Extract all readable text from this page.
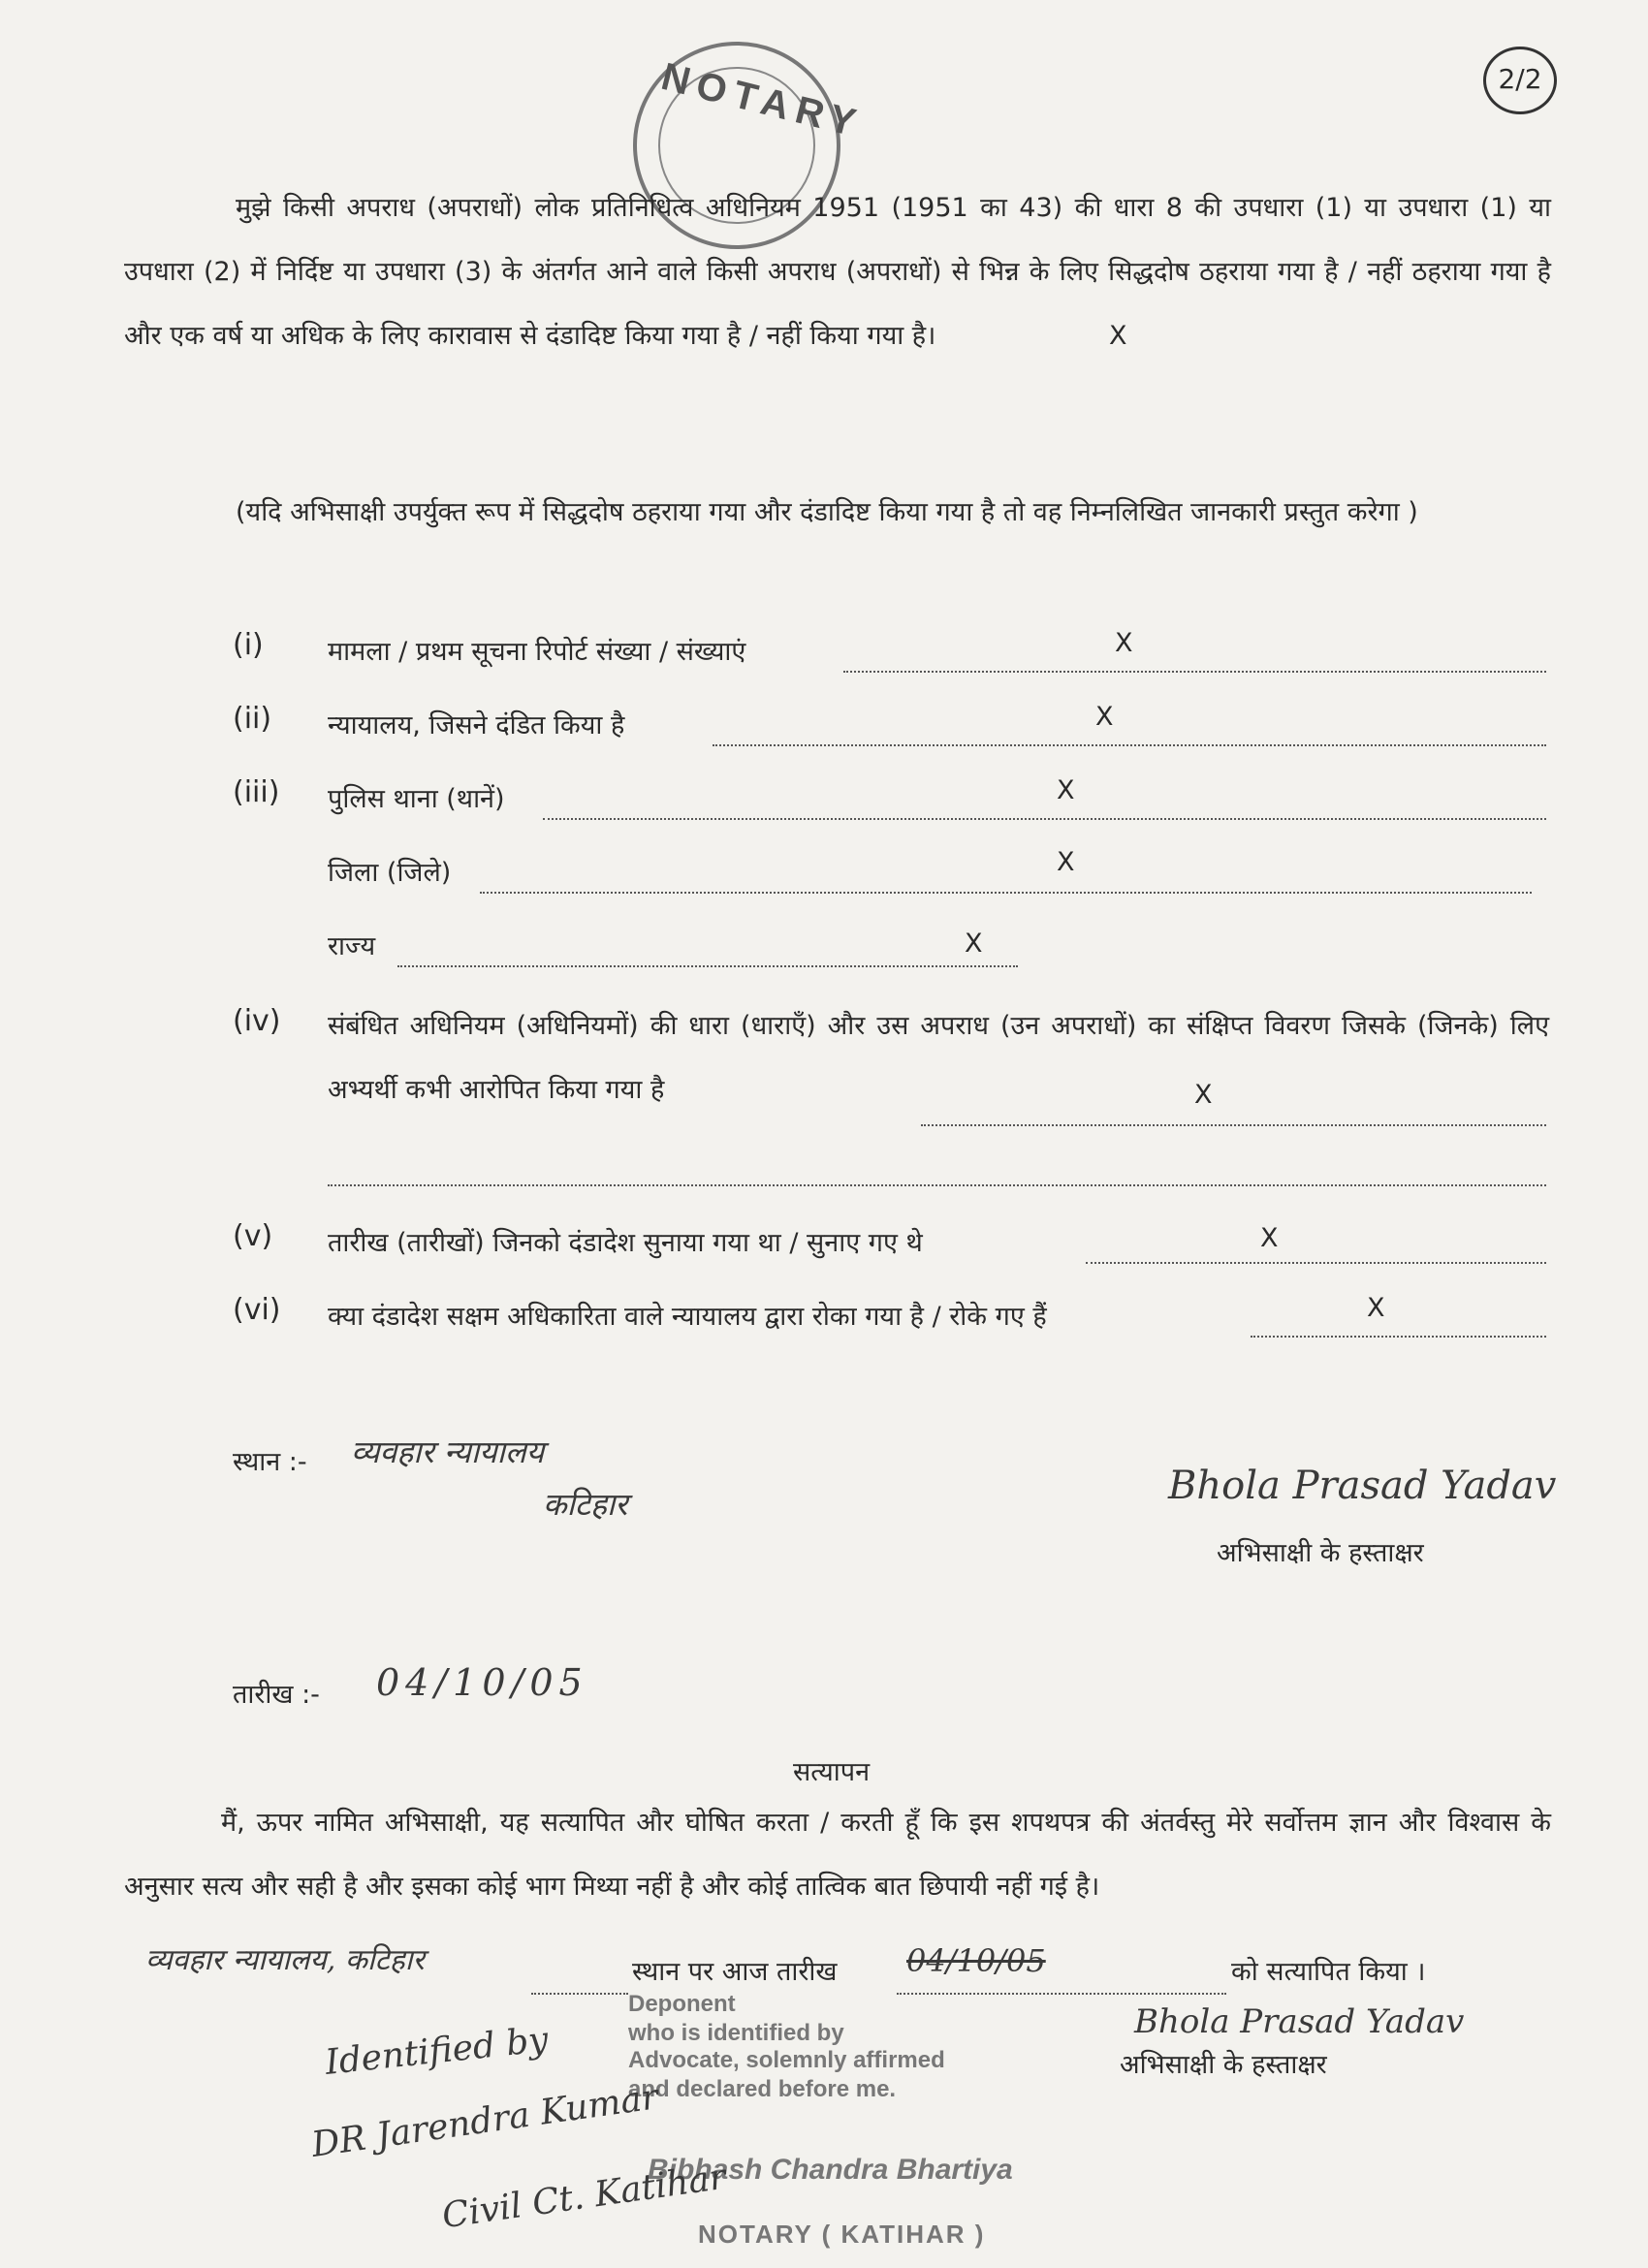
NOTARY	2/2
मुझे किसी अपराध (अपराधों) लोक प्रतिनिधित्व अधिनियम 1951 (1951 का 43) की धारा 8 की उपधारा (1) या उपधारा (1) या उपधारा (2) में निर्दिष्ट या उपधारा (3) के अंतर्गत आने वाले किसी अपराध (अपराधों) से भिन्न के लिए सिद्धदोष ठहराया गया है / नहीं ठहराया गया है और एक वर्ष या अधिक के लिए कारावास से दंडादिष्ट किया गया है / नहीं किया गया है।	X
(यदि अभिसाक्षी उपर्युक्त रूप में सिद्धदोष ठहराया गया और दंडादिष्ट किया गया है तो वह निम्नलिखित जानकारी प्रस्तुत करेगा )
(i) मामला / प्रथम सूचना रिपोर्ट संख्या / संख्याएं	X
(ii) न्यायालय, जिसने दंडित किया है	X
(iii) पुलिस थाना (थानें)	X
जिला (जिले)	X
राज्य	X
(iv) संबंधित अधिनियम (अधिनियमों) की धारा (धाराएँ) और उस अपराध (उन अपराधों) का संक्षिप्त विवरण जिसके (जिनके) लिए अभ्यर्थी कभी आरोपित किया गया है	X
(v) तारीख (तारीखों) जिनको दंडादेश सुनाया गया था / सुनाए गए थे	X
(vi) क्या दंडादेश सक्षम अधिकारिता वाले न्यायालय द्वारा रोका गया है / रोके गए हैं	X
स्थान :- व्यवहार न्यायालय
कटिहार	Bhola Prasad Yadav
अभिसाक्षी के हस्ताक्षर
तारीख :- 04/10/05
सत्यापन
मैं, ऊपर नामित अभिसाक्षी, यह सत्यापित और घोषित करता / करती हूँ कि इस शपथपत्र की अंतर्वस्तु मेरे सर्वोत्तम ज्ञान और विश्वास के अनुसार सत्य और सही है और इसका कोई भाग मिथ्या नहीं है और कोई तात्विक बात छिपायी नहीं गई है।
व्यवहार न्यायालय, कटिहार	स्थान पर आज तारीख 04/10/05	को सत्यापित किया ।
Bhola Prasad Yadav
अभिसाक्षी के हस्ताक्षर
Deponent
who is identified by
Advocate, solemnly affirmed
and declared before me.
Bibhash Chandra Bhartiya
NOTARY ( KATIHAR )
Identified by
DR Jarendra Kumar
Civil Ct. Katihar
